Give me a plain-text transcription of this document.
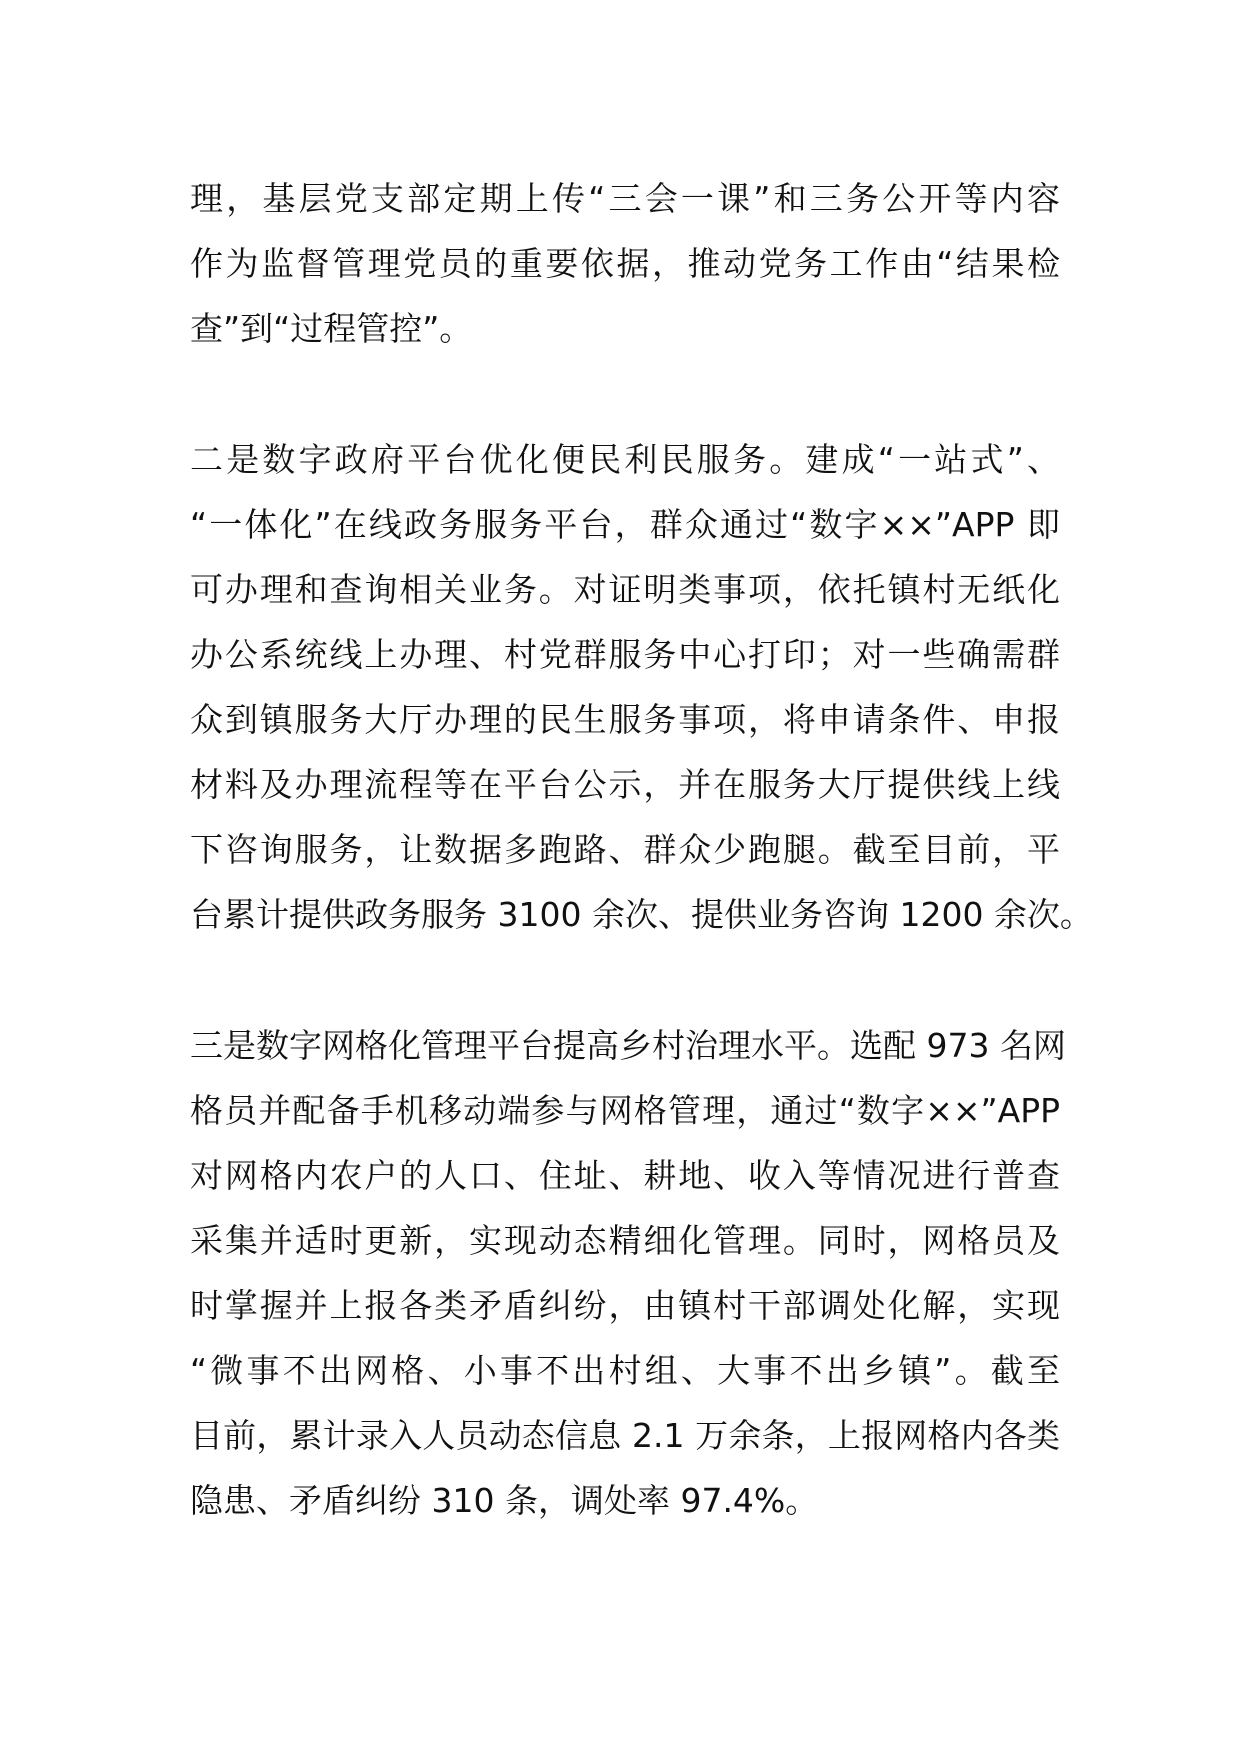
理，基层党支部定期上传“三会一课”和三务公开等内容
作为监督管理党员的重要依据，推动党务工作由“结果检
查”到“过程管控”。
二是数字政府平台优化便民利民服务。建成“一站式”、
“一体化”在线政务服务平台，群众通过“数字××”APP 即
可办理和查询相关业务。对证明类事项，依托镇村无纸化
办公系统线上办理、村党群服务中心打印；对一些确需群
众到镇服务大厅办理的民生服务事项，将申请条件、申报
材料及办理流程等在平台公示，并在服务大厅提供线上线
下咨询服务，让数据多跑路、群众少跑腿。截至目前，平
台累计提供政务服务 3100 余次、提供业务咨询 1200 余次。
三是数字网格化管理平台提高乡村治理水平。选配 973 名网
格员并配备手机移动端参与网格管理，通过“数字××”APP
对网格内农户的人口、住址、耕地、收入等情况进行普查
采集并适时更新，实现动态精细化管理。同时，网格员及
时掌握并上报各类矛盾纠纷，由镇村干部调处化解，实现
“微事不出网格、小事不出村组、大事不出乡镇”。截至
目前，累计录入人员动态信息 2.1 万余条，上报网格内各类
隐患、矛盾纠纷 310 条，调处率 97.4%。
